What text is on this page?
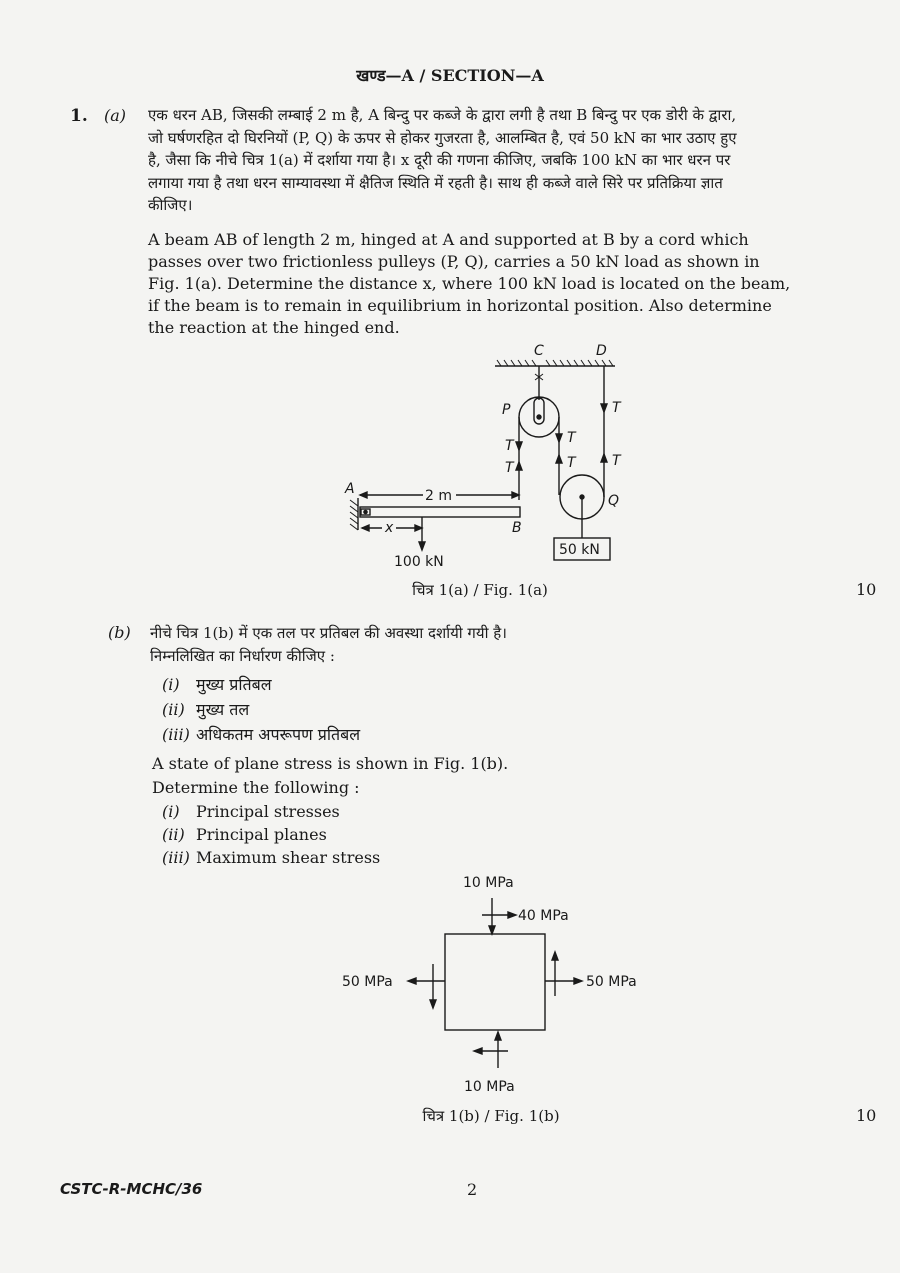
खण्ड—A / SECTION—A
1. (a) एक धरन AB, जिसकी लम्बाई 2 m है, A बिन्दु पर कब्जे के द्वारा लगी है तथा B बिन्दु पर एक डोरी के द्वारा,
जो घर्षणरहित दो घिरनियों (P, Q) के ऊपर से होकर गुजरता है, आलम्बित है, एवं 50 kN का भार उठाए हुए
है, जैसा कि नीचे चित्र 1(a) में दर्शाया गया है। x दूरी की गणना कीजिए, जबकि 100 kN का भार धरन पर
लगाया गया है तथा धरन साम्यावस्था में क्षैतिज स्थिति में रहती है। साथ ही कब्जे वाले सिरे पर प्रतिक्रिया ज्ञात
कीजिए।
A beam AB of length 2 m, hinged at A and supported at B by a cord which
passes over two frictionless pulleys (P, Q), carries a 50 kN load as shown in
Fig. 1(a). Determine the distance x, where 100 kN load is located on the beam,
if the beam is to remain in equilibrium in horizontal position. Also determine
the reaction at the hinged end.
C	D
P
Q
A
B
T
T
T
T
T
T
x
2 m
100 kN
50 kN
चित्र 1(a) / Fig. 1(a)	10
(b) नीचे चित्र 1(b) में एक तल पर प्रतिबल की अवस्था दर्शायी गयी है।
निम्नलिखित का निर्धारण कीजिए :
(i) मुख्य प्रतिबल
(ii) मुख्य तल
(iii) अधिकतम अपरूपण प्रतिबल
A state of plane stress is shown in Fig. 1(b).
Determine the following :
(i) Principal stresses
(ii) Principal planes
(iii) Maximum shear stress
10 MPa
40 MPa
50 MPa	50 MPa
10 MPa
चित्र 1(b) / Fig. 1(b)	10
CSTC-R-MCHC/36	2
